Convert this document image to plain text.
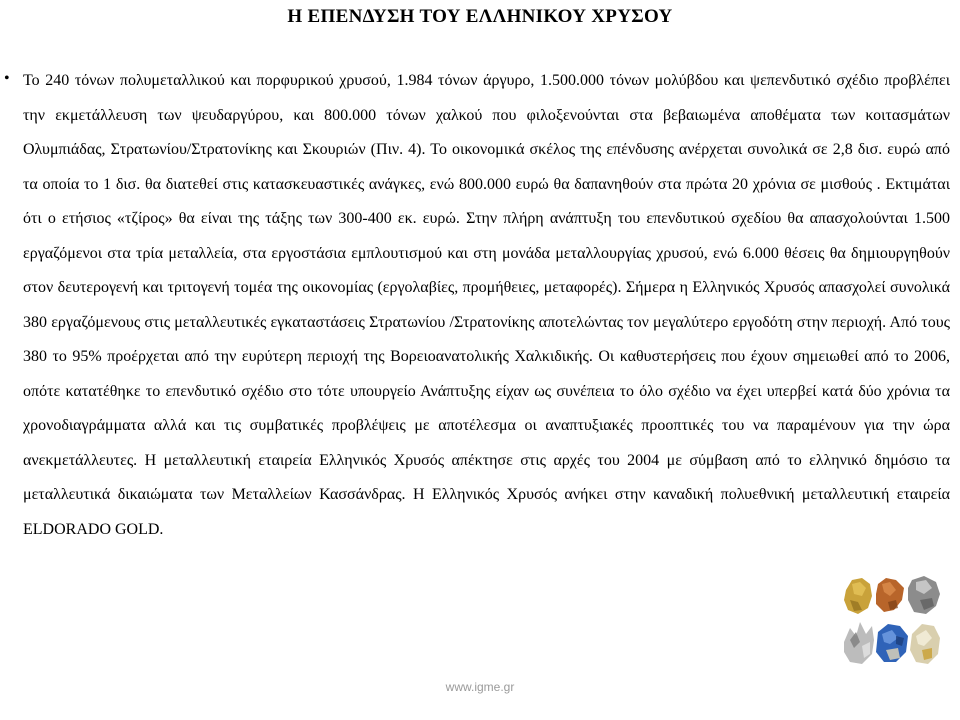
Η ΕΠΕΝΔΥΣΗ ΤΟΥ ΕΛΛΗΝΙΚΟΥ ΧΡΥΣΟΥ
• Το 240 τόνων πολυμεταλλικού και πορφυρικού χρυσού, 1.984 τόνων άργυρο, 1.500.000 τόνων μολύβδου και ψεπενδυτικό σχέδιο προβλέπει την εκμετάλλευση των ψευδαργύρου, και 800.000 τόνων χαλκού που φιλοξενούνται στα βεβαιωμένα αποθέματα των κοιτασμάτων Ολυμπιάδας, Στρατωνίου/Στρατονίκης και Σκουριών (Πιν. 4). Το οικονομικά σκέλος της επένδυσης ανέρχεται συνολικά σε 2,8 δισ. ευρώ από τα οποία το 1 δισ. θα διατεθεί στις κατασκευαστικές ανάγκες, ενώ 800.000 ευρώ θα δαπανηθούν στα πρώτα 20 χρόνια σε μισθούς . Εκτιμάται ότι ο ετήσιος «τζίρος» θα είναι της τάξης των 300-400 εκ. ευρώ. Στην πλήρη ανάπτυξη του επενδυτικού σχεδίου θα απασχολούνται 1.500 εργαζόμενοι στα τρία μεταλλεία, στα εργοστάσια εμπλουτισμού και στη μονάδα μεταλλουργίας χρυσού, ενώ 6.000 θέσεις θα δημιουργηθούν στον δευτερογενή και τριτογενή τομέα της οικονομίας (εργολαβίες, προμήθειες, μεταφορές). Σήμερα η Ελληνικός Χρυσός απασχολεί συνολικά 380 εργαζόμενους στις μεταλλευτικές εγκαταστάσεις Στρατωνίου /Στρατονίκης αποτελώντας τον μεγαλύτερο εργοδότη στην περιοχή. Από τους 380 το 95% προέρχεται από την ευρύτερη περιοχή της Βορειοανατολικής Χαλκιδικής. Οι καθυστερήσεις που έχουν σημειωθεί από το 2006, οπότε κατατέθηκε το επενδυτικό σχέδιο στο τότε υπουργείο Ανάπτυξης είχαν ως συνέπεια το όλο σχέδιο να έχει υπερβεί κατά δύο χρόνια τα χρονοδιαγράμματα αλλά και τις συμβατικές προβλέψεις με αποτέλεσμα οι αναπτυξιακές προοπτικές του να παραμένουν για την ώρα ανεκμετάλλευτες. Η μεταλλευτική εταιρεία Ελληνικός Χρυσός απέκτησε στις αρχές του 2004 με σύμβαση από το ελληνικό δημόσιο τα μεταλλευτικά δικαιώματα των Μεταλλείων Κασσάνδρας. Η Ελληνικός Χρυσός ανήκει στην καναδική πολυεθνική μεταλλευτική εταιρεία ELDORADO GOLD.

www.igme.gr
